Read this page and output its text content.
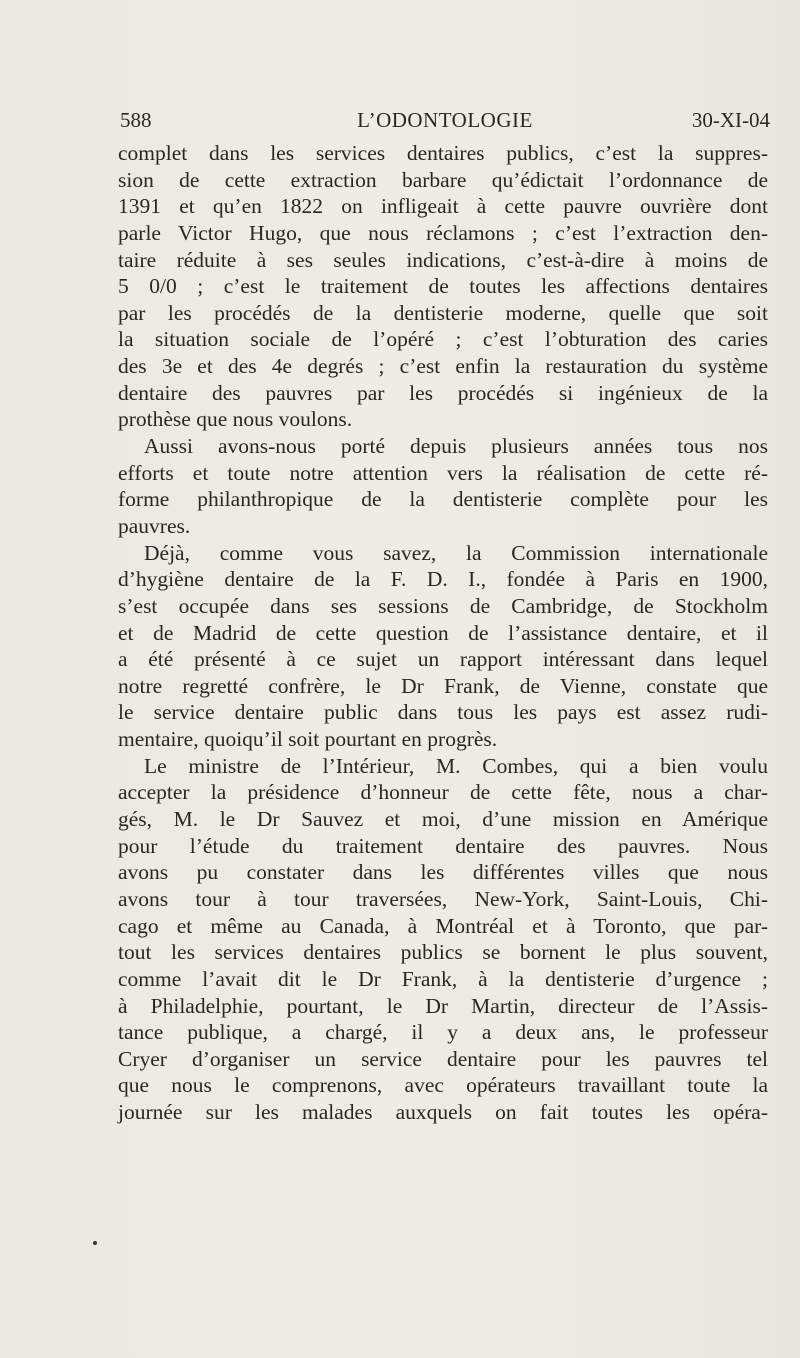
588	L’ODONTOLOGIE	30-XI-04
complet dans les services dentaires publics, c’est la suppres-
sion de cette extraction barbare qu’édictait l’ordonnance de
1391 et qu’en 1822 on infligeait à cette pauvre ouvrière dont
parle Victor Hugo, que nous réclamons ; c’est l’extraction den-
taire réduite à ses seules indications, c’est-à-dire à moins de
5 0/0 ; c’est le traitement de toutes les affections dentaires
par les procédés de la dentisterie moderne, quelle que soit
la situation sociale de l’opéré ; c’est l’obturation des caries
des 3e et des 4e degrés ; c’est enfin la restauration du système
dentaire des pauvres par les procédés si ingénieux de la
prothèse que nous voulons.
Aussi avons-nous porté depuis plusieurs années tous nos
efforts et toute notre attention vers la réalisation de cette ré-
forme philanthropique de la dentisterie complète pour les
pauvres.
Déjà, comme vous savez, la Commission internationale
d’hygiène dentaire de la F. D. I., fondée à Paris en 1900,
s’est occupée dans ses sessions de Cambridge, de Stockholm
et de Madrid de cette question de l’assistance dentaire, et il
a été présenté à ce sujet un rapport intéressant dans lequel
notre regretté confrère, le Dr Frank, de Vienne, constate que
le service dentaire public dans tous les pays est assez rudi-
mentaire, quoiqu’il soit pourtant en progrès.
Le ministre de l’Intérieur, M. Combes, qui a bien voulu
accepter la présidence d’honneur de cette fête, nous a char-
gés, M. le Dr Sauvez et moi, d’une mission en Amérique
pour l’étude du traitement dentaire des pauvres. Nous
avons pu constater dans les différentes villes que nous
avons tour à tour traversées, New-York, Saint-Louis, Chi-
cago et même au Canada, à Montréal et à Toronto, que par-
tout les services dentaires publics se bornent le plus souvent,
comme l’avait dit le Dr Frank, à la dentisterie d’urgence ;
à Philadelphie, pourtant, le Dr Martin, directeur de l’Assis-
tance publique, a chargé, il y a deux ans, le professeur
Cryer d’organiser un service dentaire pour les pauvres tel
que nous le comprenons, avec opérateurs travaillant toute la
journée sur les malades auxquels on fait toutes les opéra-
